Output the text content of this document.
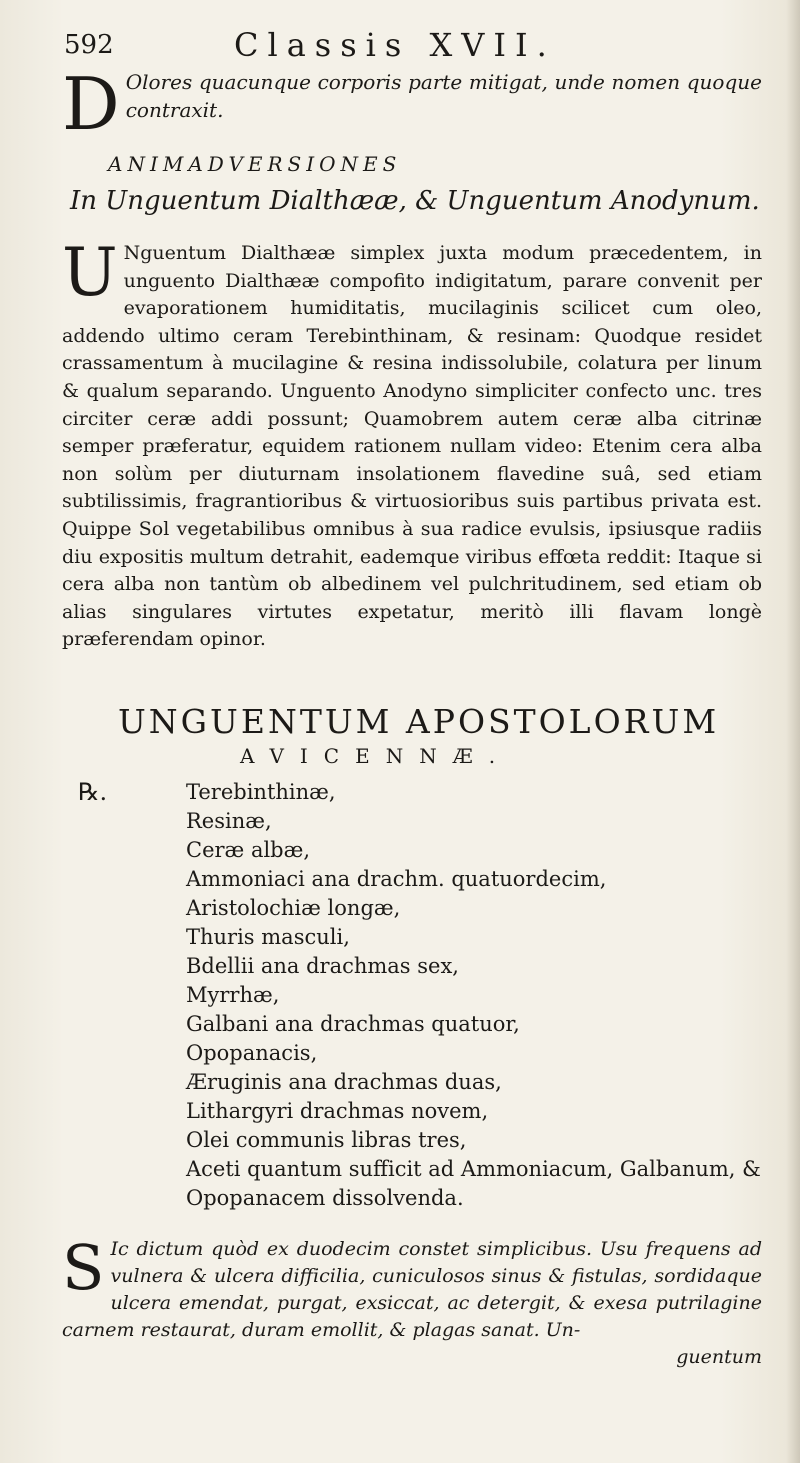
592	Classis XVII.
D Olores quacunque corporis parte mitigat, unde nomen quoque contraxit.
ANIMADVERSIONES
In Unguentum Dialthææ, & Unguentum Anodynum.
U Nguentum Dialthææ simplex juxta modum præcedentem, in unguento Dialthææ compofito indigitatum, parare convenit per evaporationem humiditatis, mucilaginis scilicet cum oleo, addendo ultimo ceram Terebinthinam, & resinam: Quodque residet crassamentum à mucilagine & resina indissolubile, colatura per linum & qualum separando. Unguento Anodyno simpliciter confecto unc. tres circiter ceræ addi possunt; Quamobrem autem ceræ alba citrinæ semper præferatur, equidem rationem nullam video: Etenim cera alba non solùm per diuturnam insolationem flavedine suâ, sed etiam subtilissimis, fragrantioribus & virtuosioribus suis partibus privata est. Quippe Sol vegetabilibus omnibus à sua radice evulsis, ipsiusque radiis diu expositis multum detrahit, eademque viribus effœta reddit: Itaque si cera alba non tantùm ob albedinem vel pulchritudinem, sed etiam ob alias singulares virtutes expetatur, meritò illi flavam longè præferendam opinor.
UNGUENTUM APOSTOLORUM
AVICENNÆ.
℞.	Terebinthinæ,
Resinæ,
Ceræ albæ,
Ammoniaci ana drachm. quatuordecim,
Aristolochiæ longæ,
Thuris masculi,
Bdellii ana drachmas sex,
Myrrhæ,
Galbani ana drachmas quatuor,
Opopanacis,
Æruginis ana drachmas duas,
Lithargyri drachmas novem,
Olei communis libras tres,
Aceti quantum sufficit ad Ammoniacum, Galbanum, & Opopanacem dissolvenda.
S Ic dictum quòd ex duodecim constet simplicibus. Usu frequens ad vulnera & ulcera difficilia, cuniculosos sinus & fistulas, sordidaque ulcera emendat, purgat, exsiccat, ac detergit, & exesa putrilagine carnem restaurat, duram emollit, & plagas sanat. Un-
guentum
